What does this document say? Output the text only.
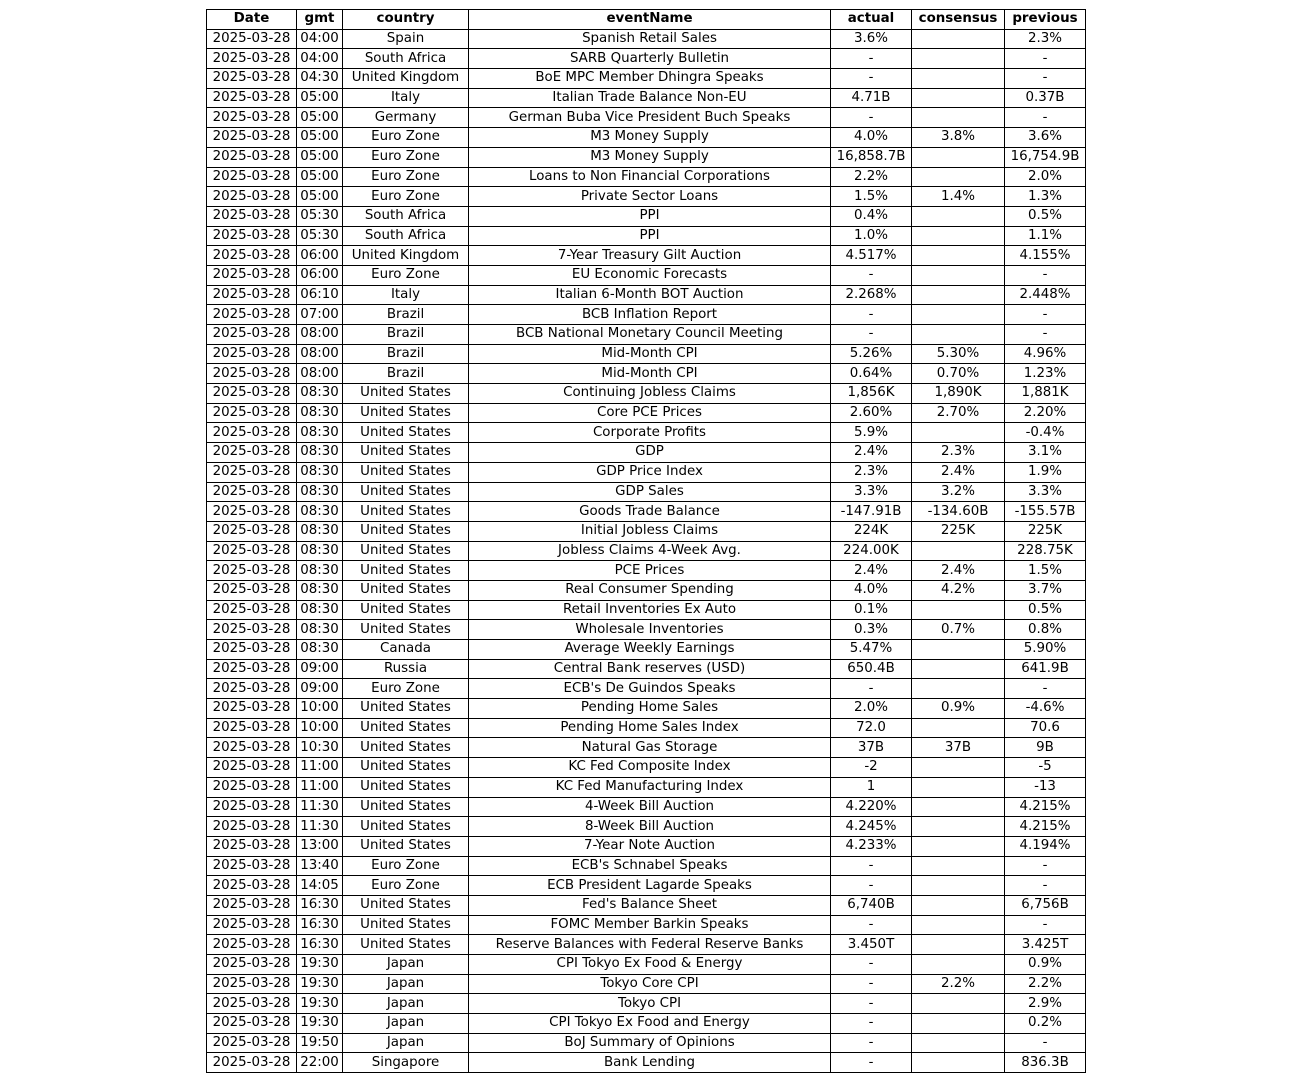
Date	gmt	country	eventName	actual	consensus	previous
2025-03-28	04:00	Spain	Spanish Retail Sales	3.6%		2.3%
2025-03-28	04:00	South Africa	SARB Quarterly Bulletin	-		-
2025-03-28	04:30	United Kingdom	BoE MPC Member Dhingra Speaks	-		-
2025-03-28	05:00	Italy	Italian Trade Balance Non-EU	4.71B		0.37B
2025-03-28	05:00	Germany	German Buba Vice President Buch Speaks	-		-
2025-03-28	05:00	Euro Zone	M3 Money Supply	4.0%	3.8%	3.6%
2025-03-28	05:00	Euro Zone	M3 Money Supply	16,858.7B		16,754.9B
2025-03-28	05:00	Euro Zone	Loans to Non Financial Corporations	2.2%		2.0%
2025-03-28	05:00	Euro Zone	Private Sector Loans	1.5%	1.4%	1.3%
2025-03-28	05:30	South Africa	PPI	0.4%		0.5%
2025-03-28	05:30	South Africa	PPI	1.0%		1.1%
2025-03-28	06:00	United Kingdom	7-Year Treasury Gilt Auction	4.517%		4.155%
2025-03-28	06:00	Euro Zone	EU Economic Forecasts	-		-
2025-03-28	06:10	Italy	Italian 6-Month BOT Auction	2.268%		2.448%
2025-03-28	07:00	Brazil	BCB Inflation Report	-		-
2025-03-28	08:00	Brazil	BCB National Monetary Council Meeting	-		-
2025-03-28	08:00	Brazil	Mid-Month CPI	5.26%	5.30%	4.96%
2025-03-28	08:00	Brazil	Mid-Month CPI	0.64%	0.70%	1.23%
2025-03-28	08:30	United States	Continuing Jobless Claims	1,856K	1,890K	1,881K
2025-03-28	08:30	United States	Core PCE Prices	2.60%	2.70%	2.20%
2025-03-28	08:30	United States	Corporate Profits	5.9%		-0.4%
2025-03-28	08:30	United States	GDP	2.4%	2.3%	3.1%
2025-03-28	08:30	United States	GDP Price Index	2.3%	2.4%	1.9%
2025-03-28	08:30	United States	GDP Sales	3.3%	3.2%	3.3%
2025-03-28	08:30	United States	Goods Trade Balance	-147.91B	-134.60B	-155.57B
2025-03-28	08:30	United States	Initial Jobless Claims	224K	225K	225K
2025-03-28	08:30	United States	Jobless Claims 4-Week Avg.	224.00K		228.75K
2025-03-28	08:30	United States	PCE Prices	2.4%	2.4%	1.5%
2025-03-28	08:30	United States	Real Consumer Spending	4.0%	4.2%	3.7%
2025-03-28	08:30	United States	Retail Inventories Ex Auto	0.1%		0.5%
2025-03-28	08:30	United States	Wholesale Inventories	0.3%	0.7%	0.8%
2025-03-28	08:30	Canada	Average Weekly Earnings	5.47%		5.90%
2025-03-28	09:00	Russia	Central Bank reserves (USD)	650.4B		641.9B
2025-03-28	09:00	Euro Zone	ECB's De Guindos Speaks	-		-
2025-03-28	10:00	United States	Pending Home Sales	2.0%	0.9%	-4.6%
2025-03-28	10:00	United States	Pending Home Sales Index	72.0		70.6
2025-03-28	10:30	United States	Natural Gas Storage	37B	37B	9B
2025-03-28	11:00	United States	KC Fed Composite Index	-2		-5
2025-03-28	11:00	United States	KC Fed Manufacturing Index	1		-13
2025-03-28	11:30	United States	4-Week Bill Auction	4.220%		4.215%
2025-03-28	11:30	United States	8-Week Bill Auction	4.245%		4.215%
2025-03-28	13:00	United States	7-Year Note Auction	4.233%		4.194%
2025-03-28	13:40	Euro Zone	ECB's Schnabel Speaks	-		-
2025-03-28	14:05	Euro Zone	ECB President Lagarde Speaks	-		-
2025-03-28	16:30	United States	Fed's Balance Sheet	6,740B		6,756B
2025-03-28	16:30	United States	FOMC Member Barkin Speaks	-		-
2025-03-28	16:30	United States	Reserve Balances with Federal Reserve Banks	3.450T		3.425T
2025-03-28	19:30	Japan	CPI Tokyo Ex Food & Energy	-		0.9%
2025-03-28	19:30	Japan	Tokyo Core CPI	-	2.2%	2.2%
2025-03-28	19:30	Japan	Tokyo CPI	-		2.9%
2025-03-28	19:30	Japan	CPI Tokyo Ex Food and Energy	-		0.2%
2025-03-28	19:50	Japan	BoJ Summary of Opinions	-		-
2025-03-28	22:00	Singapore	Bank Lending	-		836.3B
